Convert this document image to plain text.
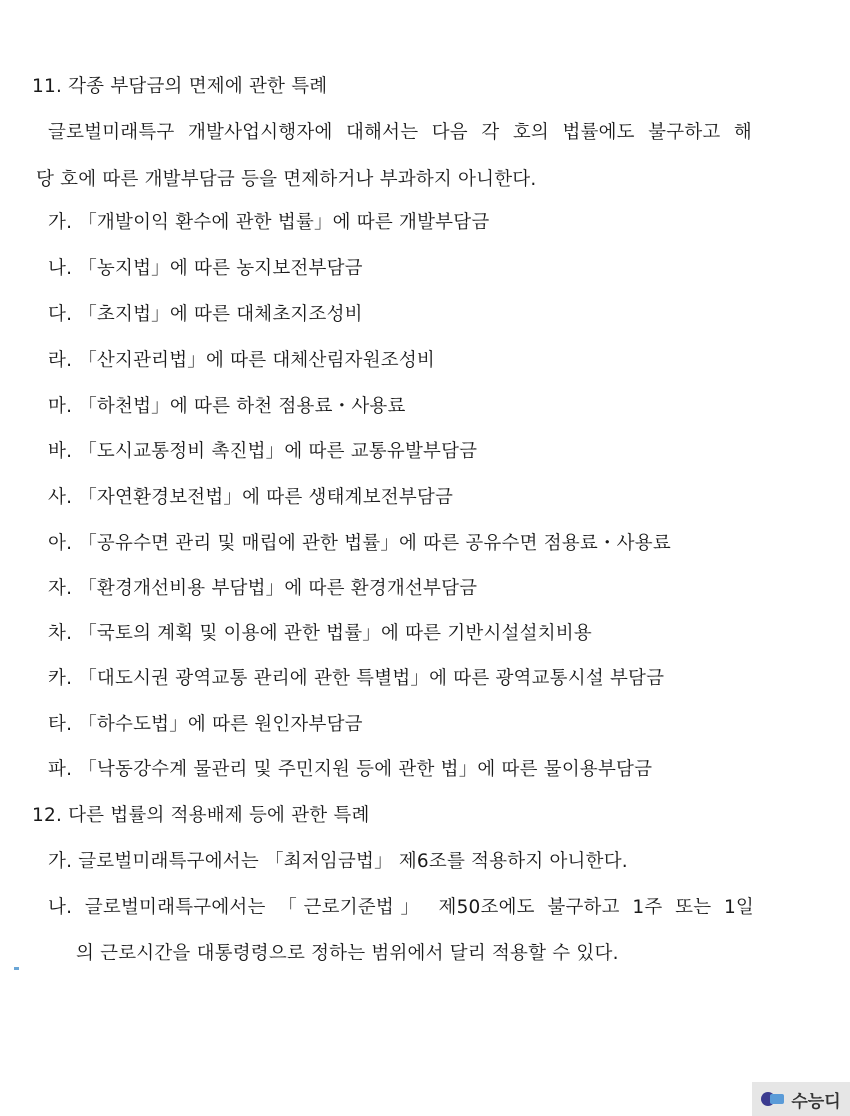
11. 각종 부담금의 면제에 관한 특례
글로벌미래특구 개발사업시행자에 대해서는 다음 각 호의 법률에도 불구하고 해
당 호에 따른 개발부담금 등을 면제하거나 부과하지 아니한다.
가. 「개발이익 환수에 관한 법률」에 따른 개발부담금
나. 「농지법」에 따른 농지보전부담금
다. 「초지법」에 따른 대체초지조성비
라. 「산지관리법」에 따른 대체산림자원조성비
마. 「하천법」에 따른 하천 점용료・사용료
바. 「도시교통정비 촉진법」에 따른 교통유발부담금
사. 「자연환경보전법」에 따른 생태계보전부담금
아. 「공유수면 관리 및 매립에 관한 법률」에 따른 공유수면 점용료・사용료
자. 「환경개선비용 부담법」에 따른 환경개선부담금
차. 「국토의 계획 및 이용에 관한 법률」에 따른 기반시설설치비용
카. 「대도시권 광역교통 관리에 관한 특별법」에 따른 광역교통시설 부담금
타. 「하수도법」에 따른 원인자부담금
파. 「낙동강수계 물관리 및 주민지원 등에 관한 법」에 따른 물이용부담금
12. 다른 법률의 적용배제 등에 관한 특례
가. 글로벌미래특구에서는 「최저임금법」 제6조를 적용하지 아니한다.
나. 글로벌미래특구에서는 「근로기준법」 제50조에도 불구하고 1주 또는 1일
의 근로시간을 대통령령으로 정하는 범위에서 달리 적용할 수 있다.
수능디
